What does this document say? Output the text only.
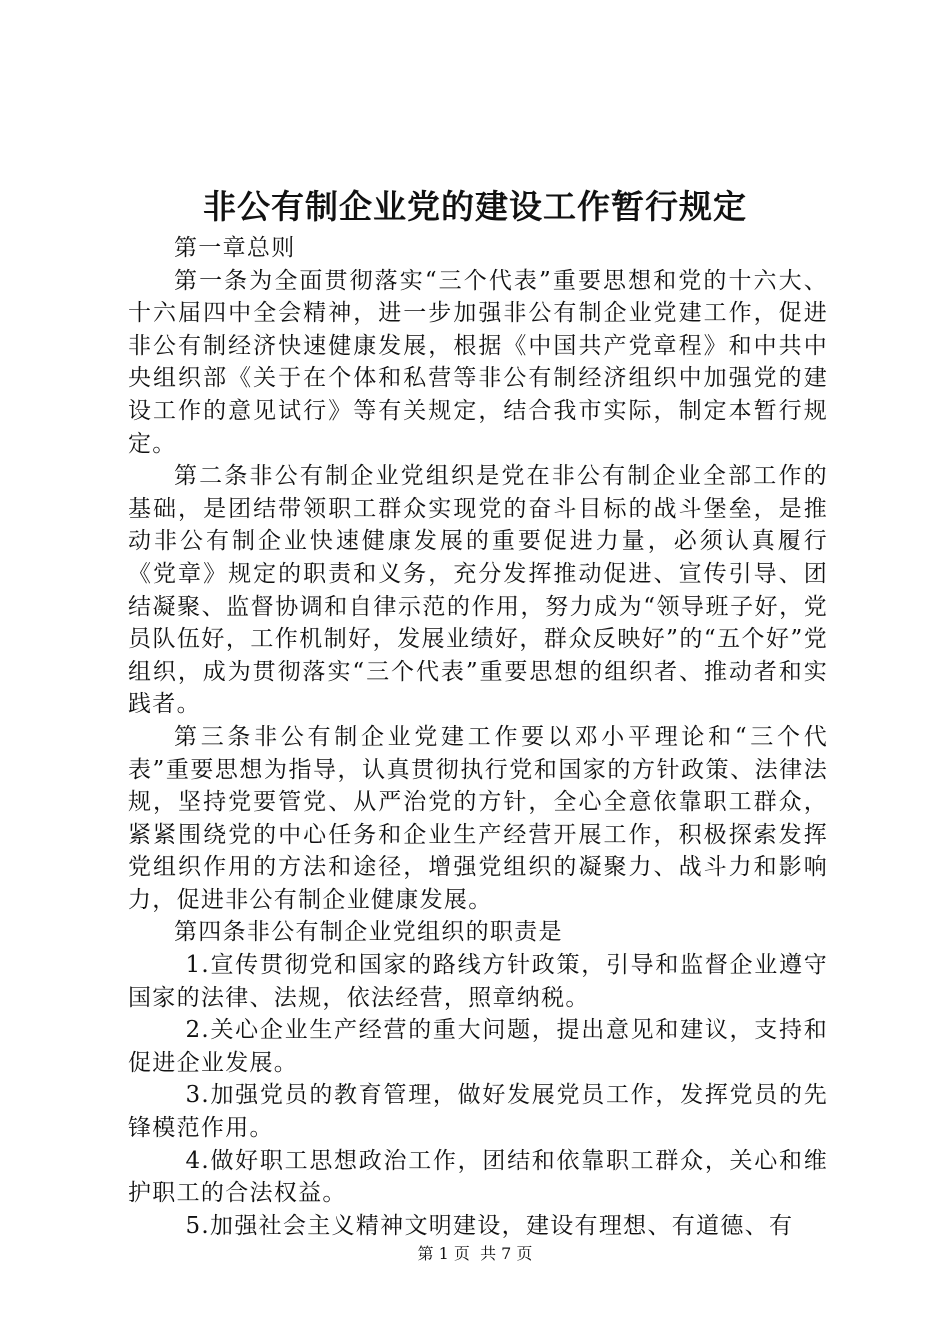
非公有制企业党的建设工作暂行规定

第一章总则

第一条为全面贯彻落实“三个代表”重要思想和党的十六大、十六届四中全会精神，进一步加强非公有制企业党建工作，促进非公有制经济快速健康发展，根据《中国共产党章程》和中共中央组织部《关于在个体和私营等非公有制经济组织中加强党的建设工作的意见试行》等有关规定，结合我市实际，制定本暂行规定。

第二条非公有制企业党组织是党在非公有制企业全部工作的基础，是团结带领职工群众实现党的奋斗目标的战斗堡垒，是推动非公有制企业快速健康发展的重要促进力量，必须认真履行《党章》规定的职责和义务，充分发挥推动促进、宣传引导、团结凝聚、监督协调和自律示范的作用，努力成为“领导班子好，党员队伍好，工作机制好，发展业绩好，群众反映好”的“五个好”党组织，成为贯彻落实“三个代表”重要思想的组织者、推动者和实践者。

第三条非公有制企业党建工作要以邓小平理论和“三个代表”重要思想为指导，认真贯彻执行党和国家的方针政策、法律法规，坚持党要管党、从严治党的方针，全心全意依靠职工群众，紧紧围绕党的中心任务和企业生产经营开展工作，积极探索发挥党组织作用的方法和途径，增强党组织的凝聚力、战斗力和影响力，促进非公有制企业健康发展。

第四条非公有制企业党组织的职责是

1.宣传贯彻党和国家的路线方针政策，引导和监督企业遵守国家的法律、法规，依法经营，照章纳税。

2.关心企业生产经营的重大问题，提出意见和建议，支持和促进企业发展。

3.加强党员的教育管理，做好发展党员工作，发挥党员的先锋模范作用。

4.做好职工思想政治工作，团结和依靠职工群众，关心和维护职工的合法权益。

5.加强社会主义精神文明建设，建设有理想、有道德、有

第 1 页  共 7 页
